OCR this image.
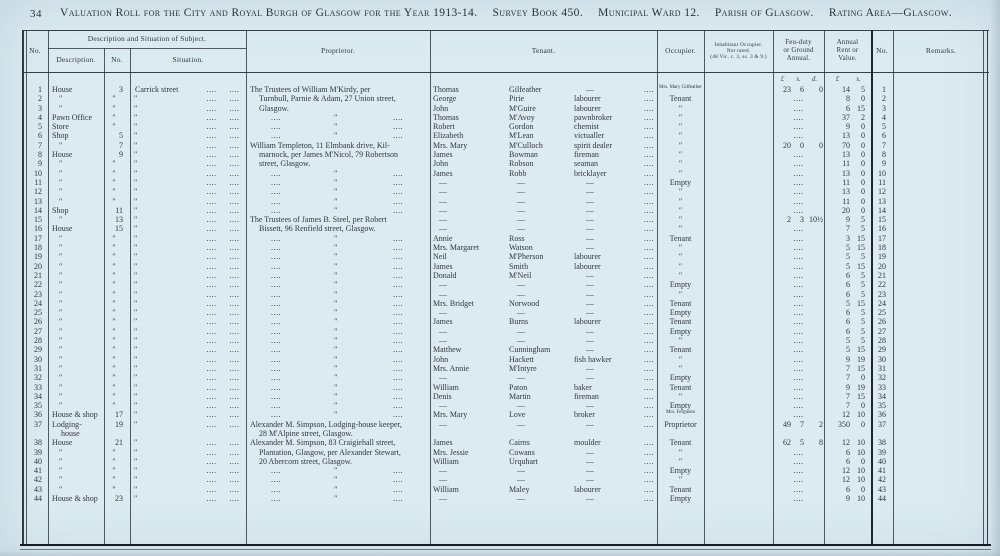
34 Valuation Roll for the City and Royal Burgh of Glasgow for the Year 1913-14. Survey Book 450. Municipal Ward 12. Parish of Glasgow. Rating Area—Glasgow.
No.
Description and Situation of Subject.
Description.	No.	Situation.
Proprietor.	Tenant.	Occupier.
Inhabitant Occupier.
Not rated.
(48 Vic. c. 3, ss. 3 & 9.)
Feu-duty
or Ground
Annual.
Annual
Rent or
Value.
No.	Remarks.
£	s.	d.	£	s.
1	House	3	Carrick street	....	....	The Trustees of William M'Kirdy, per	Thomas	Gilfeather	—	....	Mrs. Mary Gilfeather	23	6	0	14	5	1
2	″	″	″	....	....	Turnbull, Parnie & Adam, 27 Union street,	George	Pirie	labourer	....	Tenant	....	8	0	2
3	″	″	″	....	....	Glasgow.	John	M'Guire	labourer	....	″	....	6 15	3
4	Pawn Office	″	″	....	....	....	″	....	Thomas	M'Avoy	pawnbroker	....	″	....	37	2	4
5	Store	″	″	....	....	....	″	....	Robert	Gordon	chemist	....	″	....	9	0	5
6	Shop	5	″	....	....	....	″	....	Elizabeth	M'Lean	victualler	....	″	....	13	0	6
7	″	7	″	....	....	William Templeton, 11 Elmbank drive, Kil-	Mrs. Mary	M'Culloch	spirit dealer	....	″	20	0	0	70	0	7
8	House	9	″	....	....	marnock, per James M'Nicol, 79 Robertson	James	Bowman	fireman	....	″	....	13	0	8
9	″	″	″	....	....	street, Glasgow.	John	Robson	seaman	....	″	....	11	0	9
10	″	″	″	....	....	....	″	....	James	Robb	bricklayer	....	″	....	13	0	10
11	″	″	″	....	....	....	″	....	—	—	—	....	Empty	....	11	0	11
12	″	″	″	....	....	....	″	....	—	—	—	....	″	....	13	0	12
13	″	″	″	....	....	....	″	....	—	—	—	....	″	....	11	0	13
14	Shop	11	″	....	....	....	″	....	—	—	—	....	″	....	20	0	14
15	″	13	″	....	....	The Trustees of James B. Steel, per Robert	—	—	—	....	″	2	3 10½	9	5	15
16	House	15	″	....	....	Bissett, 96 Renfield street, Glasgow.	—	—	—	....	″	....	7	5	16
17	″	″	″	....	....	....	″	....	Annie	Ross	—	....	Tenant	....	3 15	17
18	″	″	″	....	....	....	″	....	Mrs. Margaret	Watson	—	....	″	....	5 15	18
19	″	″	″	....	....	....	″	....	Neil	M'Pherson	labourer	....	″	....	5	5	19
20	″	″	″	....	....	....	″	....	James	Smith	labourer	....	″	....	5 15	20
21	″	″	″	....	....	....	″	....	Donald	M'Neil	—	....	″	....	6	5	21
22	″	″	″	....	....	....	″	....	—	—	—	....	Empty	....	6	5	22
23	″	″	″	....	....	....	″	....	—	—	—	....	″	....	6	5	23
24	″	″	″	....	....	....	″	....	Mrs. Bridget	Norwood	—	....	Tenant	....	5 15	24
25	″	″	″	....	....	....	″	....	—	—	—	....	Empty	....	6	5	25
26	″	″	″	....	....	....	″	....	James	Burns	labourer	....	Tenant	....	6	5	26
27	″	″	″	....	....	....	″	....	—	—	—	....	Empty	....	6	5	27
28	″	″	″	....	....	....	″	....	—	—	—	....	″	....	5	5	28
29	″	″	″	....	....	....	″	....	Matthew	Cunningham	—	....	Tenant	....	5 15	29
30	″	″	″	....	....	....	″	....	John	Hackett	fish hawker	....	″	....	9 19	30
31	″	″	″	....	....	....	″	....	Mrs. Annie	M'Intyre	—	....	″	....	7 15	31
32	″	″	″	....	....	....	″	....	—	—	—	....	Empty	....	7	0	32
33	″	″	″	....	....	....	″	....	William	Paton	baker	....	Tenant	....	9 19	33
34	″	″	″	....	....	....	″	....	Denis	Martin	fireman	....	″	....	7 15	34
35	″	″	″	....	....	....	″	....	—	—	—	....	Empty	....	7	0	35
36	House & shop	17	″	....	....	....	″	....	Mrs. Mary	Love	broker	....	Mrs. Ferguson	....	12 10	36
37	Lodging-	19	″	....	....	Alexander M. Simpson, Lodging-house keeper,	—	—	—	....	Proprietor	49	7	2	350	0	37
house	28 M'Alpine street, Glasgow.
38	House	21	″	....	....	Alexander M. Simpson, 83 Craigiehall street,	James	Cairns	moulder	....	Tenant	62	5	8	12 10	38
39	″	″	″	....	....	Plantation, Glasgow, per Alexander Stewart,	Mrs. Jessie	Cowans	—	....	″	....	6 10	39
40	″	″	″	....	....	20 Abercorn street, Glasgow.	William	Urquhart	—	....	″	....	6	0	40
41	″	″	″	....	....	....	″	....	—	—	—	....	Empty	....	12 10	41
42	″	″	″	....	....	....	″	....	—	—	—	....	″	....	12 10	42
43	″	″	″	....	....	....	″	....	William	Maley	labourer	....	Tenant	....	6	0	43
44	House & shop	23	″	....	....	....	″	....	—	—	—	....	Empty	....	9 10	44
